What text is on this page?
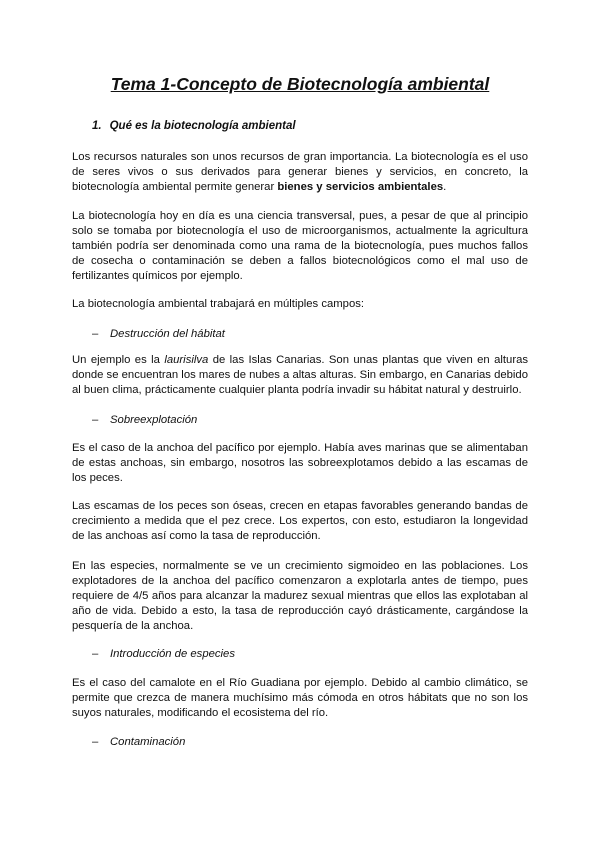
Tema 1-Concepto de Biotecnología ambiental

1. Qué es la biotecnología ambiental

Los recursos naturales son unos recursos de gran importancia. La biotecnología es el uso de seres vivos o sus derivados para generar bienes y servicios, en concreto, la biotecnología ambiental permite generar bienes y servicios ambientales.

La biotecnología hoy en día es una ciencia transversal, pues, a pesar de que al principio solo se tomaba por biotecnología el uso de microorganismos, actualmente la agricultura también podría ser denominada como una rama de la biotecnología, pues muchos fallos de cosecha o contaminación se deben a fallos biotecnológicos como el mal uso de fertilizantes químicos por ejemplo.

La biotecnología ambiental trabajará en múltiples campos:

– Destrucción del hábitat

Un ejemplo es la laurisilva de las Islas Canarias. Son unas plantas que viven en alturas donde se encuentran los mares de nubes a altas alturas. Sin embargo, en Canarias debido al buen clima, prácticamente cualquier planta podría invadir su hábitat natural y destruirlo.

– Sobreexplotación

Es el caso de la anchoa del pacífico por ejemplo. Había aves marinas que se alimentaban de estas anchoas, sin embargo, nosotros las sobreexplotamos debido a las escamas de los peces.

Las escamas de los peces son óseas, crecen en etapas favorables generando bandas de crecimiento a medida que el pez crece. Los expertos, con esto, estudiaron la longevidad de las anchoas así como la tasa de reproducción.

En las especies, normalmente se ve un crecimiento sigmoideo en las poblaciones. Los explotadores de la anchoa del pacífico comenzaron a explotarla antes de tiempo, pues requiere de 4/5 años para alcanzar la madurez sexual mientras que ellos las explotaban al año de vida. Debido a esto, la tasa de reproducción cayó drásticamente, cargándose la pesquería de la anchoa.

– Introducción de especies

Es el caso del camalote en el Río Guadiana por ejemplo. Debido al cambio climático, se permite que crezca de manera muchísimo más cómoda en otros hábitats que no son los suyos naturales, modificando el ecosistema del río.

– Contaminación
